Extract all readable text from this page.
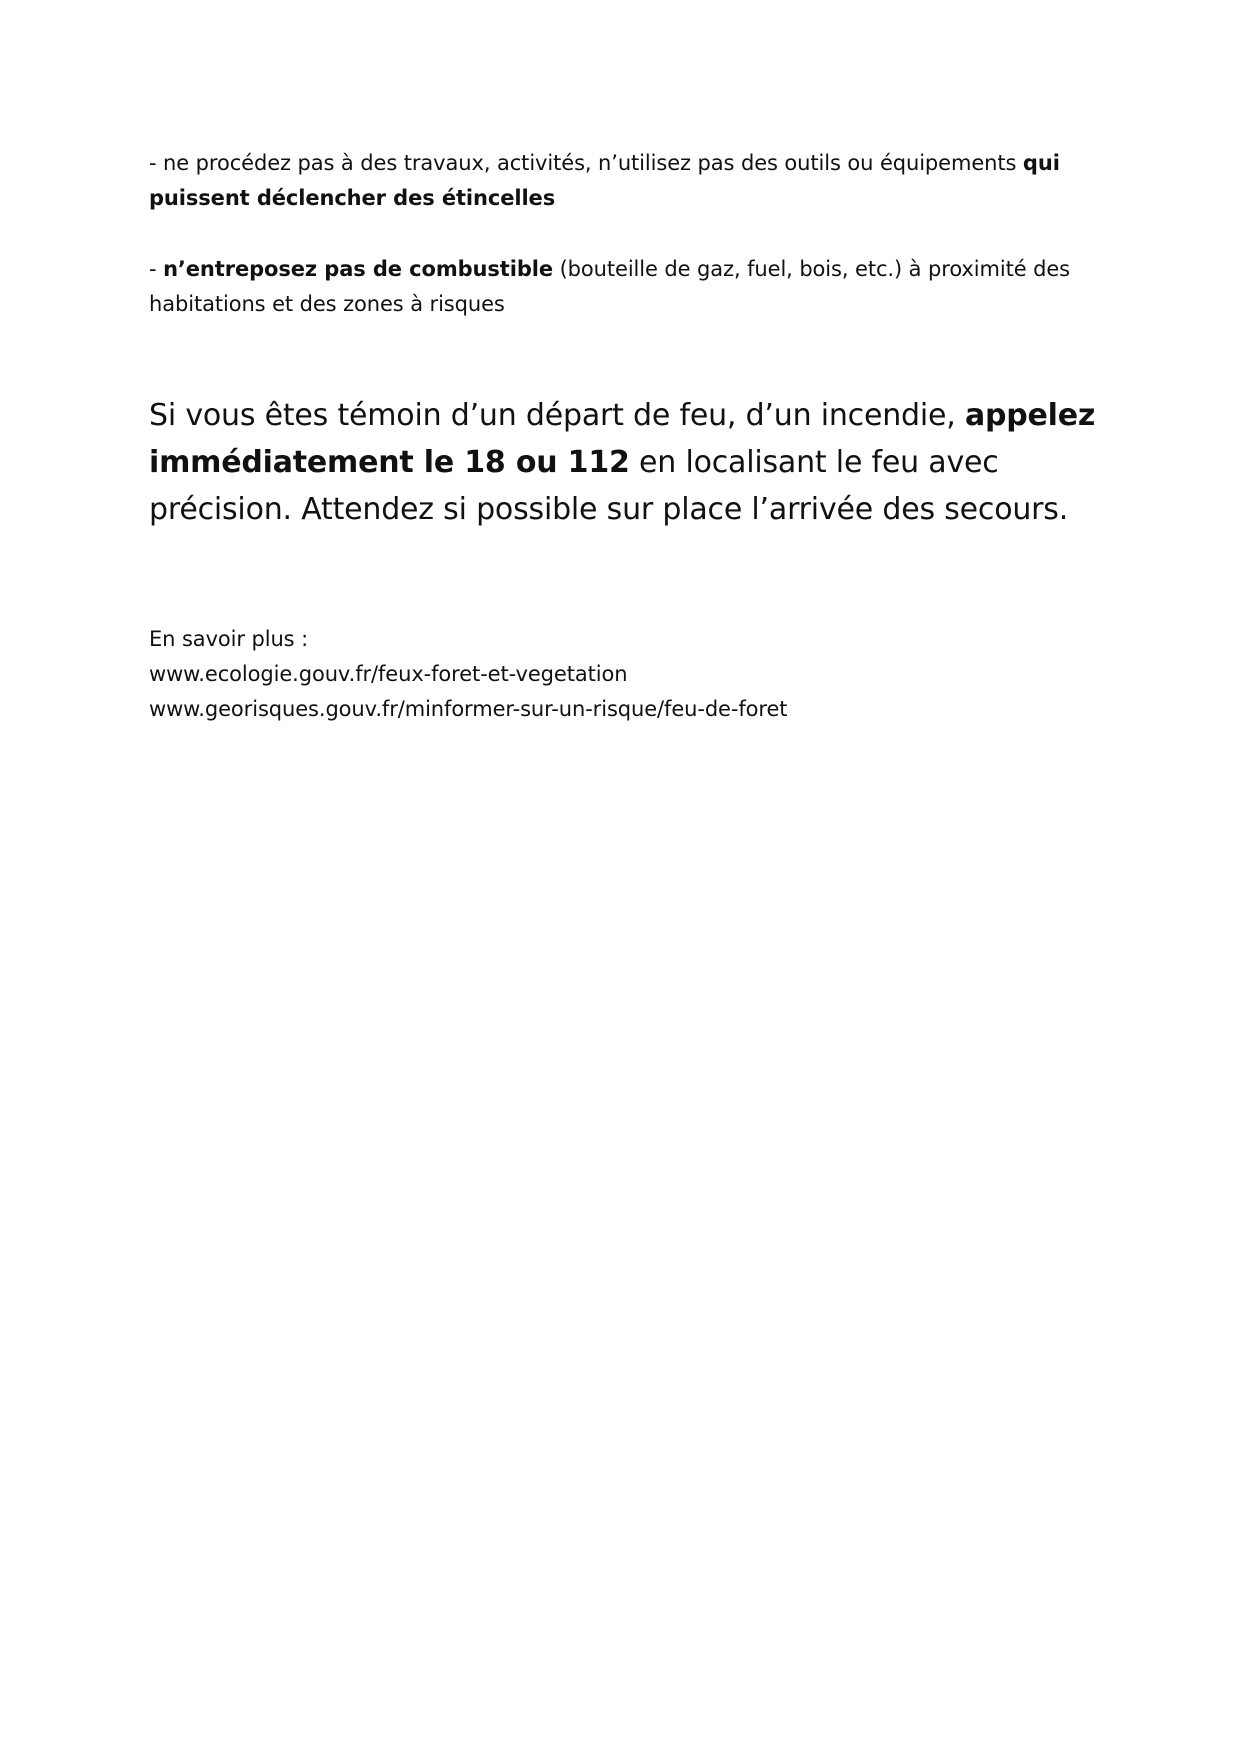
- ne procédez pas à des travaux, activités, n’utilisez pas des outils ou équipements qui puissent déclencher des étincelles

- n’entreposez pas de combustible (bouteille de gaz, fuel, bois, etc.) à proximité des habitations et des zones à risques

Si vous êtes témoin d’un départ de feu, d’un incendie, appelez immédiatement le 18 ou 112 en localisant le feu avec précision. Attendez si possible sur place l’arrivée des secours.

En savoir plus :
www.ecologie.gouv.fr/feux-foret-et-vegetation
www.georisques.gouv.fr/minformer-sur-un-risque/feu-de-foret
